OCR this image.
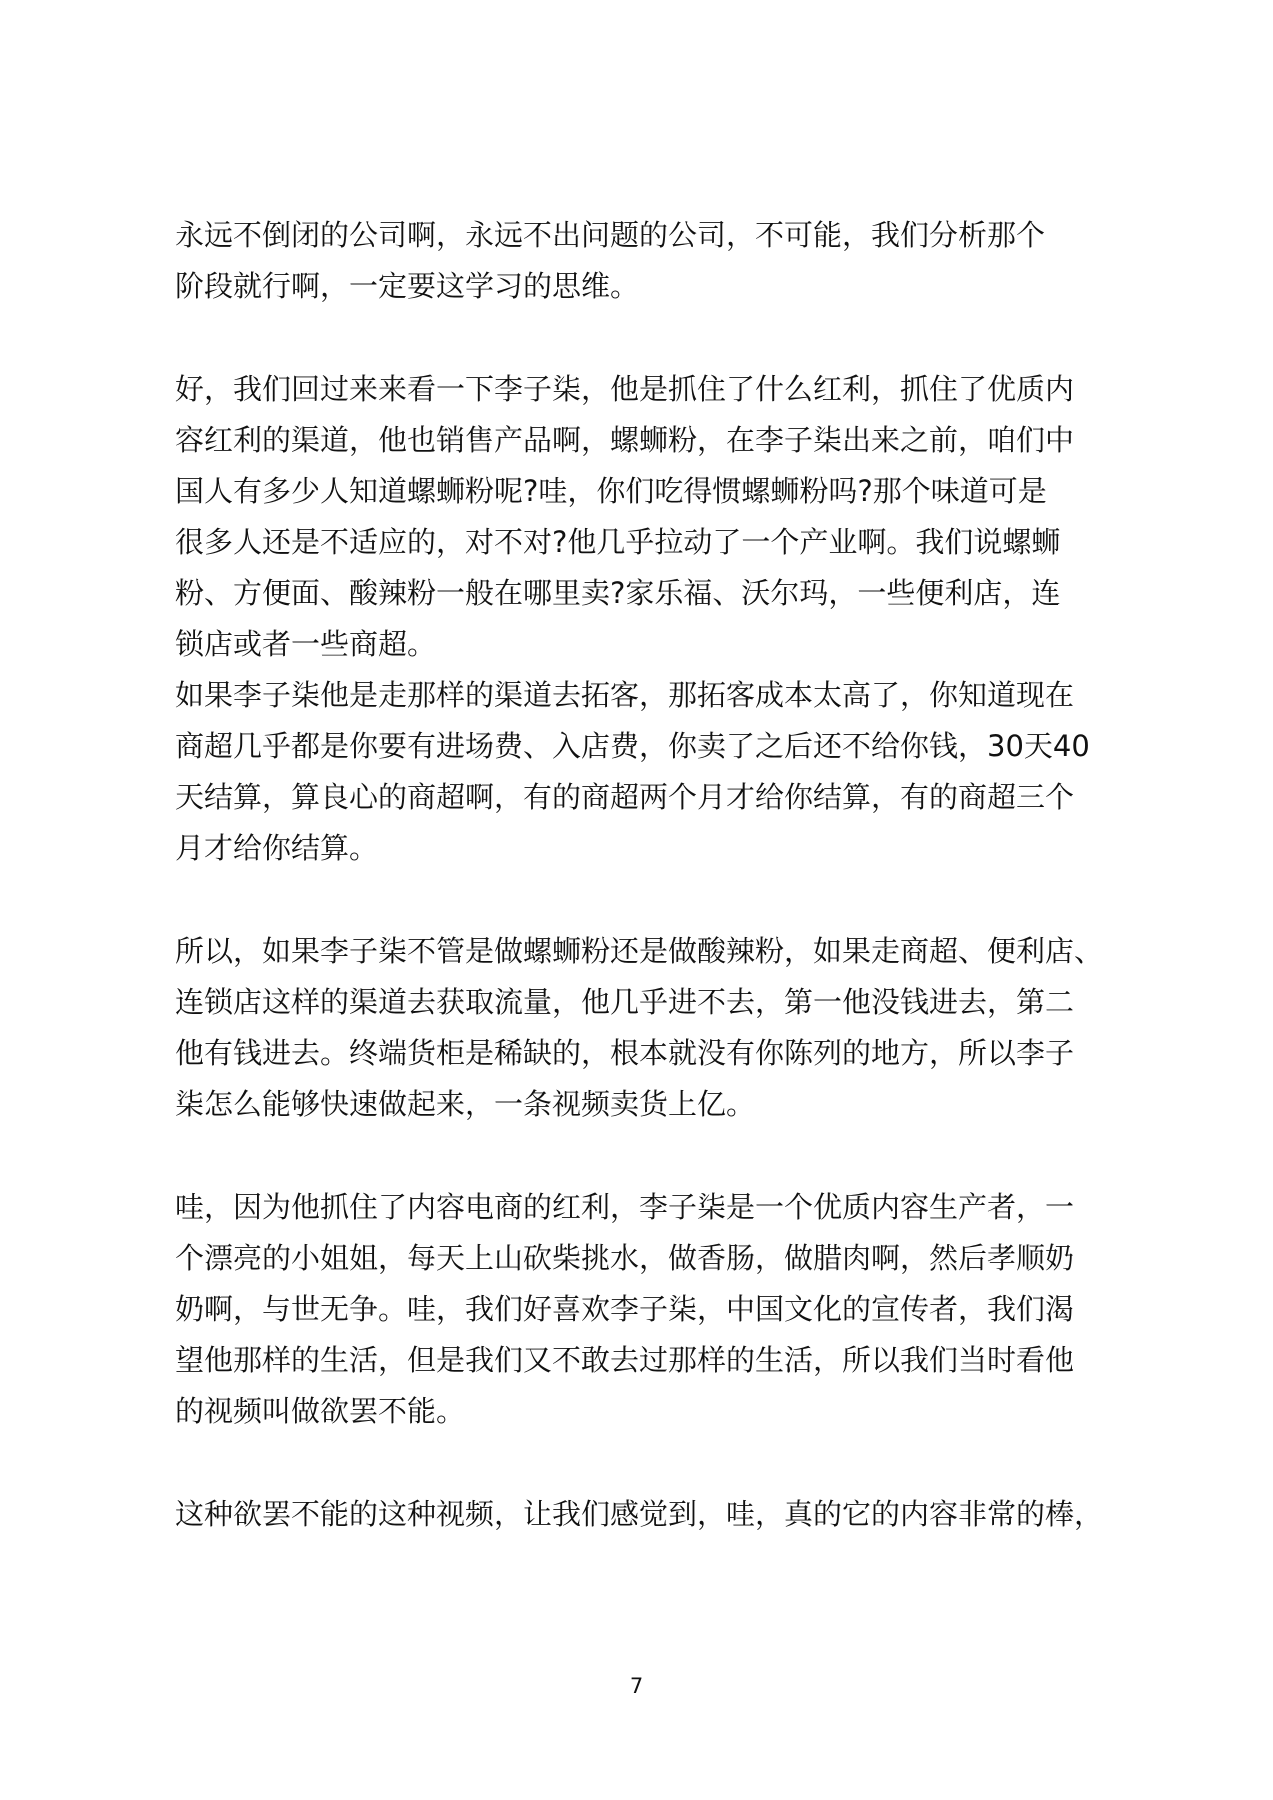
永远不倒闭的公司啊，永远不出问题的公司，不可能，我们分析那个
阶段就行啊，一定要这学习的思维。
好，我们回过来来看一下李子柒，他是抓住了什么红利，抓住了优质内
容红利的渠道，他也销售产品啊，螺蛳粉，在李子柒出来之前，咱们中
国人有多少人知道螺蛳粉呢?哇，你们吃得惯螺蛳粉吗?那个味道可是
很多人还是不适应的，对不对?他几乎拉动了一个产业啊。我们说螺蛳
粉、方便面、酸辣粉一般在哪里卖?家乐福、沃尔玛，一些便利店，连
锁店或者一些商超。
如果李子柒他是走那样的渠道去拓客，那拓客成本太高了，你知道现在
商超几乎都是你要有进场费、入店费，你卖了之后还不给你钱，30天40
天结算，算良心的商超啊，有的商超两个月才给你结算，有的商超三个
月才给你结算。
所以，如果李子柒不管是做螺蛳粉还是做酸辣粉，如果走商超、便利店、
连锁店这样的渠道去获取流量，他几乎进不去，第一他没钱进去，第二
他有钱进去。终端货柜是稀缺的，根本就没有你陈列的地方，所以李子
柒怎么能够快速做起来，一条视频卖货上亿。
哇，因为他抓住了内容电商的红利，李子柒是一个优质内容生产者，一
个漂亮的小姐姐，每天上山砍柴挑水，做香肠，做腊肉啊，然后孝顺奶
奶啊，与世无争。哇，我们好喜欢李子柒，中国文化的宣传者，我们渴
望他那样的生活，但是我们又不敢去过那样的生活，所以我们当时看他
的视频叫做欲罢不能。
这种欲罢不能的这种视频，让我们感觉到，哇，真的它的内容非常的棒，
7
